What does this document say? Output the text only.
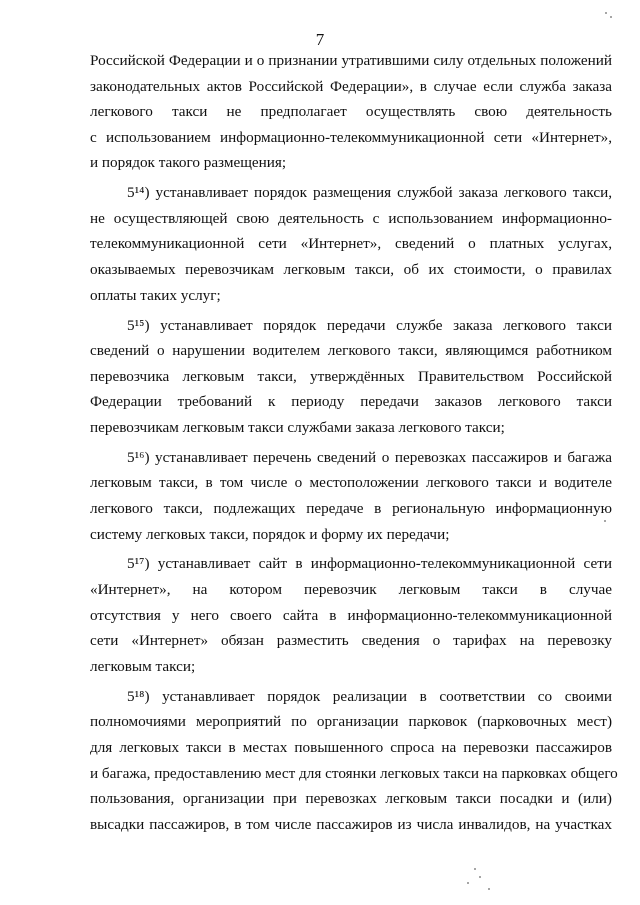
7
Российской Федерации и о признании утратившими силу отдельных положений
законодательных актов Российской Федерации», в случае если служба заказа
легкового такси не предполагает осуществлять свою деятельность
с использованием информационно-телекоммуникационной сети «Интернет»,
и порядок такого размещения;
5¹⁴) устанавливает порядок размещения службой заказа легкового такси,
не осуществляющей свою деятельность с использованием информационно-
телекоммуникационной сети «Интернет», сведений о платных услугах,
оказываемых перевозчикам легковым такси, об их стоимости, о правилах
оплаты таких услуг;
5¹⁵) устанавливает порядок передачи службе заказа легкового такси
сведений о нарушении водителем легкового такси, являющимся работником
перевозчика легковым такси, утверждённых Правительством Российской
Федерации требований к периоду передачи заказов легкового такси
перевозчикам легковым такси службами заказа легкового такси;
5¹⁶) устанавливает перечень сведений о перевозках пассажиров и багажа
легковым такси, в том числе о местоположении легкового такси и водителе
легкового такси, подлежащих передаче в региональную информационную
систему легковых такси, порядок и форму их передачи;
5¹⁷) устанавливает сайт в информационно-телекоммуникационной сети
«Интернет», на котором перевозчик легковым такси в случае
отсутствия у него своего сайта в информационно-телекоммуникационной
сети «Интернет» обязан разместить сведения о тарифах на перевозку
легковым такси;
5¹⁸) устанавливает порядок реализации в соответствии со своими
полномочиями мероприятий по организации парковок (парковочных мест)
для легковых такси в местах повышенного спроса на перевозки пассажиров
и багажа, предоставлению мест для стоянки легковых такси на парковках общего
пользования, организации при перевозках легковым такси посадки и (или)
высадки пассажиров, в том числе пассажиров из числа инвалидов, на участках
